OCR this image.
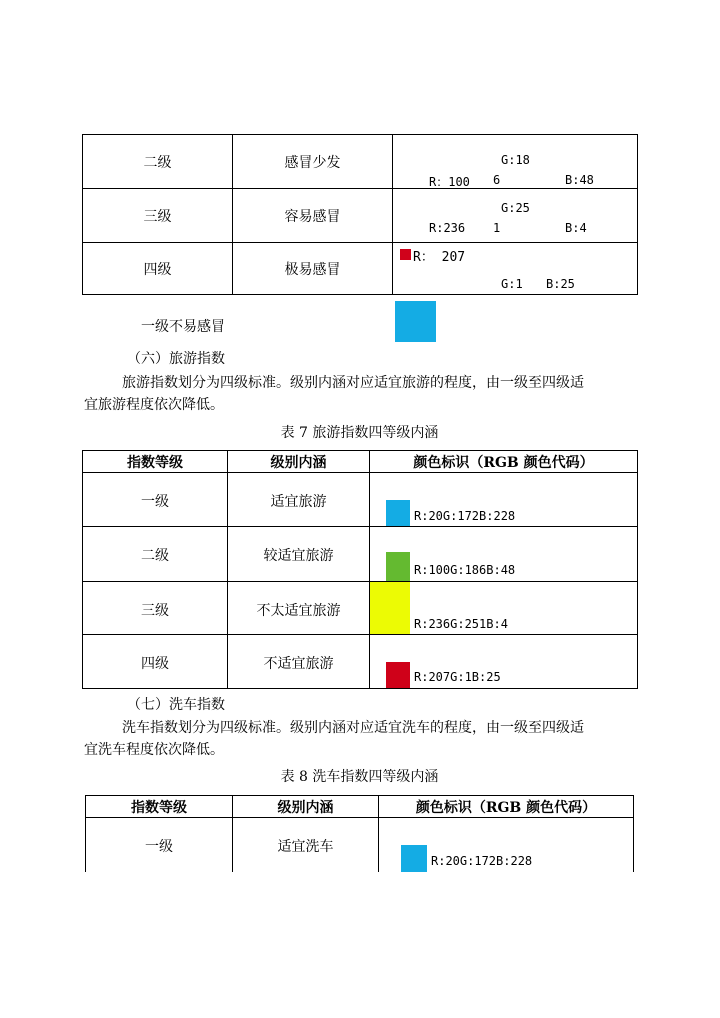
二级	感冒少发	G:18
R：100 6 B:48

三级	容易感冒	G:25
R:236 1 B:4

四级	极易感冒	R： 207
G:1 B:25
一级不易感冒
（六）旅游指数
旅游指数划分为四级标准。级别内涵对应适宜旅游的程度，由一级至四级适
宜旅游程度依次降低。
表 7 旅游指数四等级内涵
指数等级	级别内涵	颜色标识（RGB 颜色代码）
一级	适宜旅游	R:20G:172B:228

二级	较适宜旅游	R:100G:186B:48

三级	不太适宜旅游	R:236G:251B:4

四级	不适宜旅游	R:207G:1B:25
（七）洗车指数
洗车指数划分为四级标准。级别内涵对应适宜洗车的程度，由一级至四级适
宜洗车程度依次降低。
表 8 洗车指数四等级内涵
指数等级	级别内涵	颜色标识（RGB 颜色代码）
一级	适宜洗车	R:20G:172B:228
